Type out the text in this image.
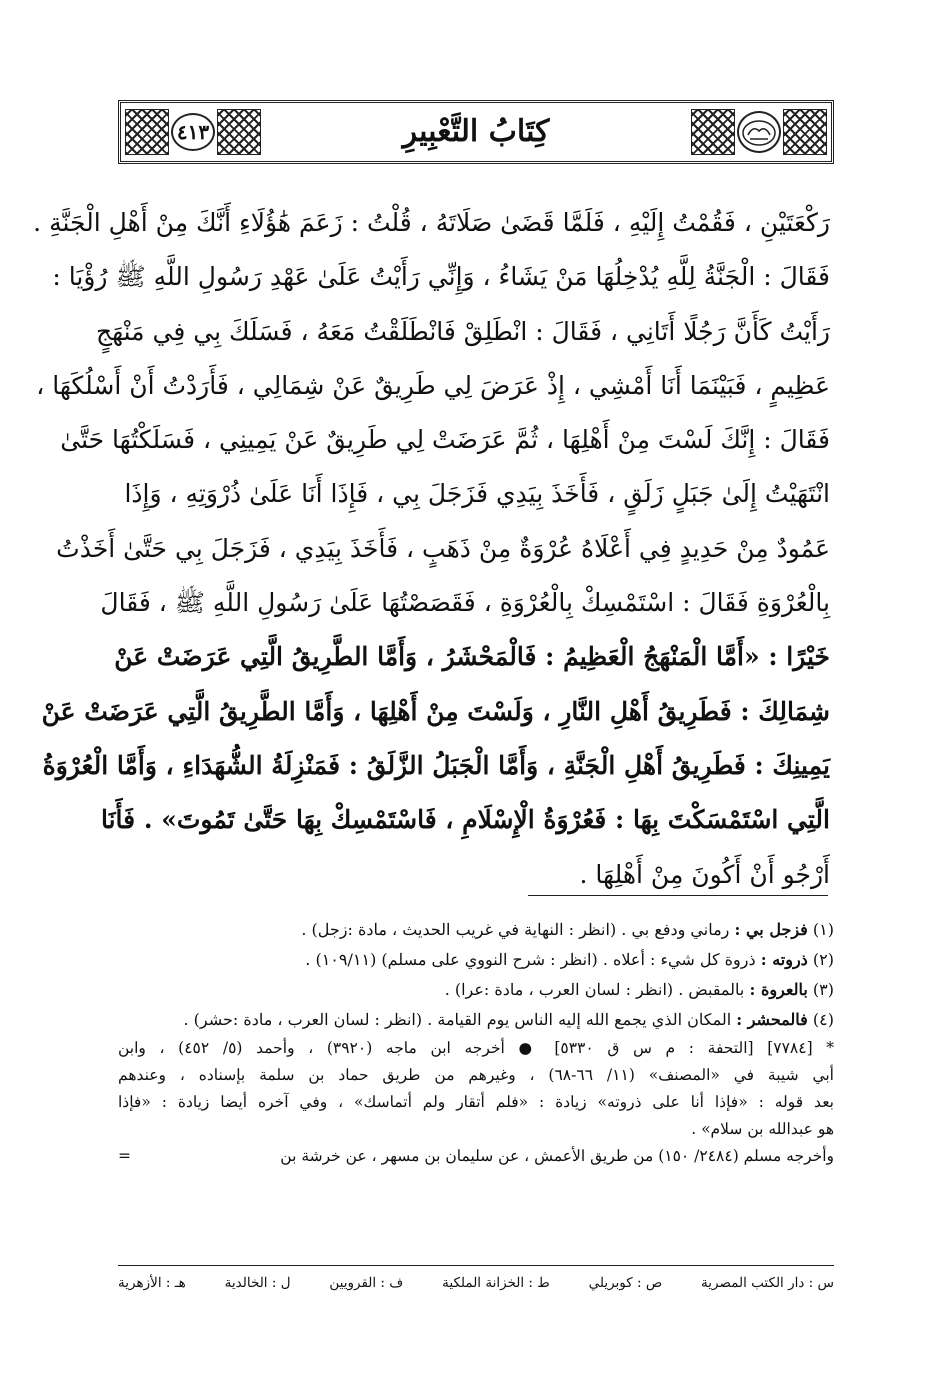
٤١٣	كِتَابُ التَّعْبِيرِ
رَكْعَتَيْنِ ، فَقُمْتُ إِلَيْهِ ، فَلَمَّا قَضَىٰ صَلَاتَهُ ، قُلْتُ : زَعَمَ هَٰؤُلَاءِ أَنَّكَ مِنْ أَهْلِ الْجَنَّةِ .
فَقَالَ : الْجَنَّةُ لِلَّهِ يُدْخِلُهَا مَنْ يَشَاءُ ، وَإِنِّي رَأَيْتُ عَلَىٰ عَهْدِ رَسُولِ اللَّهِ ﷺ رُؤْيَا :
رَأَيْتُ كَأَنَّ رَجُلًا أَتَانِي ، فَقَالَ : انْطَلِقْ فَانْطَلَقْتُ مَعَهُ ، فَسَلَكَ بِي فِي مَنْهَجٍ
عَظِيمٍ ، فَبَيْنَمَا أَنَا أَمْشِي ، إِذْ عَرَضَ لِي طَرِيقٌ عَنْ شِمَالِي ، فَأَرَدْتُ أَنْ أَسْلُكَهَا ،
فَقَالَ : إِنَّكَ لَسْتَ مِنْ أَهْلِهَا ، ثُمَّ عَرَضَتْ لِي طَرِيقٌ عَنْ يَمِينِي ، فَسَلَكْتُهَا حَتَّىٰ
انْتَهَيْتُ إِلَىٰ جَبَلٍ زَلَقٍ ، فَأَخَذَ بِيَدِي فَزَجَلَ بِي ، فَإِذَا أَنَا عَلَىٰ ذُرْوَتِهِ ، وَإِذَا
عَمُودٌ مِنْ حَدِيدٍ فِي أَعْلَاهُ عُرْوَةٌ مِنْ ذَهَبٍ ، فَأَخَذَ بِيَدِي ، فَزَجَلَ بِي حَتَّىٰ أَخَذْتُ
بِالْعُرْوَةِ فَقَالَ : اسْتَمْسِكْ بِالْعُرْوَةِ ، فَقَصَصْتُهَا عَلَىٰ رَسُولِ اللَّهِ ﷺ ، فَقَالَ
خَيْرًا : «أَمَّا الْمَنْهَجُ الْعَظِيمُ : فَالْمَحْشَرُ ، وَأَمَّا الطَّرِيقُ الَّتِي عَرَضَتْ عَنْ
شِمَالِكَ : فَطَرِيقُ أَهْلِ النَّارِ ، وَلَسْتَ مِنْ أَهْلِهَا ، وَأَمَّا الطَّرِيقُ الَّتِي عَرَضَتْ عَنْ
يَمِينِكَ : فَطَرِيقُ أَهْلِ الْجَنَّةِ ، وَأَمَّا الْجَبَلُ الزَّلَقُ : فَمَنْزِلَةُ الشُّهَدَاءِ ، وَأَمَّا الْعُرْوَةُ
الَّتِي اسْتَمْسَكْتَ بِهَا : فَعُرْوَةُ الْإِسْلَامِ ، فَاسْتَمْسِكْ بِهَا حَتَّىٰ تَمُوتَ» . فَأَنَا
أَرْجُو أَنْ أَكُونَ مِنْ أَهْلِهَا .
(١) فزجل بي : رماني ودفع بي . (انظر : النهاية في غريب الحديث ، مادة :زجل) .
(٢) ذروته : ذروة كل شيء : أعلاه . (انظر : شرح النووي على مسلم) (١٠٩/١١) .
(٣) بالعروة : بالمقبض . (انظر : لسان العرب ، مادة :عرا) .
(٤) فالمحشر : المكان الذي يجمع الله إليه الناس يوم القيامة . (انظر : لسان العرب ، مادة :حشر) .
* [٧٧٨٤] [التحفة : م س ق ٥٣٣٠] ● أخرجه ابن ماجه (٣٩٢٠) ، وأحمد (٥/ ٤٥٢) ، وابن
أبي شيبة في «المصنف» (١١/ ٦٦-٦٨) ، وغيرهم من طريق حماد بن سلمة بإسناده ، وعندهم
بعد قوله : «فإذا أنا على ذروته» زيادة : «فلم أتقار ولم أتماسك» ، وفي آخره أيضا زيادة : «فإذا
هو عبدالله بن سلام» .
وأخرجه مسلم (٢٤٨٤/ ١٥٠) من طريق الأعمش ، عن سليمان بن مسهر ، عن خرشة بن
=
س : دار الكتب المصرية
ص : كوبريلي
ط : الخزانة الملكية
ف : القرويين
ل : الخالدية
هـ : الأزهرية
